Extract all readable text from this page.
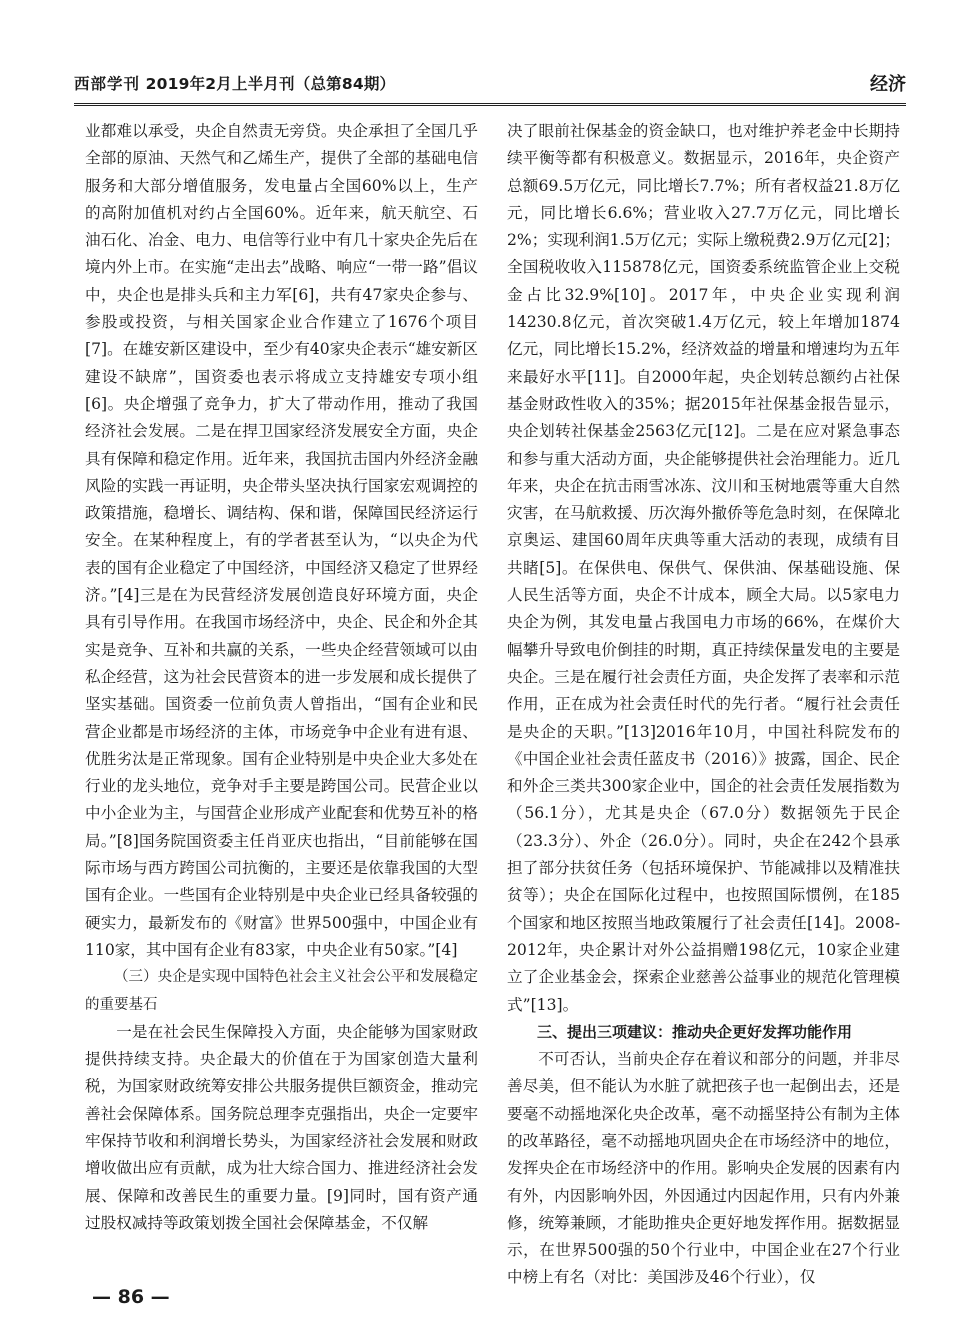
西部学刊 2019年2月上半月刊（总第84期）	经济

业都难以承受，央企自然责无旁贷。央企承担了全国几乎全部的原油、天然气和乙烯生产，提供了全部的基础电信服务和大部分增值服务，发电量占全国60%以上，生产的高附加值机对约占全国60%。近年来，航天航空、石油石化、冶金、电力、电信等行业中有几十家央企先后在境内外上市。在实施“走出去”战略、响应“一带一路”倡议中，央企也是排头兵和主力军[6]，共有47家央企参与、参股或投资，与相关国家企业合作建立了1676个项目[7]。在雄安新区建设中，至少有40家央企表示“雄安新区建设不缺席”，国资委也表示将成立支持雄安专项小组[6]。央企增强了竞争力，扩大了带动作用，推动了我国经济社会发展。二是在捍卫国家经济发展安全方面，央企具有保障和稳定作用。近年来，我国抗击国内外经济金融风险的实践一再证明，央企带头坚决执行国家宏观调控的政策措施，稳增长、调结构、保和谐，保障国民经济运行安全。在某种程度上，有的学者甚至认为，“以央企为代表的国有企业稳定了中国经济，中国经济又稳定了世界经济。”[4]三是在为民营经济发展创造良好环境方面，央企具有引导作用。在我国市场经济中，央企、民企和外企其实是竞争、互补和共赢的关系，一些央企经营领域可以由私企经营，这为社会民营资本的进一步发展和成长提供了坚实基础。国资委一位前负责人曾指出，“国有企业和民营企业都是市场经济的主体，市场竞争中企业有进有退、优胜劣汰是正常现象。国有企业特别是中央企业大多处在行业的龙头地位，竞争对手主要是跨国公司。民营企业以中小企业为主，与国营企业形成产业配套和优势互补的格局。”[8]国务院国资委主任肖亚庆也指出，“目前能够在国际市场与西方跨国公司抗衡的，主要还是依靠我国的大型国有企业。一些国有企业特别是中央企业已经具备较强的硬实力，最新发布的《财富》世界500强中，中国企业有110家，其中国有企业有83家，中央企业有50家。”[4]

（三）央企是实现中国特色社会主义社会公平和发展稳定的重要基石

一是在社会民生保障投入方面，央企能够为国家财政提供持续支持。央企最大的价值在于为国家创造大量利税，为国家财政统筹安排公共服务提供巨额资金，推动完善社会保障体系。国务院总理李克强指出，央企一定要牢牢保持节收和利润增长势头，为国家经济社会发展和财政增收做出应有贡献，成为壮大综合国力、推进经济社会发展、保障和改善民生的重要力量。[9]同时，国有资产通过股权减持等政策划拨全国社会保障基金，不仅解

决了眼前社保基金的资金缺口，也对维护养老金中长期持续平衡等都有积极意义。数据显示，2016年，央企资产总额69.5万亿元，同比增长7.7%；所有者权益21.8万亿元，同比增长6.6%；营业收入27.7万亿元，同比增长2%；实现利润1.5万亿元；实际上缴税费2.9万亿元[2]；全国税收收入115878亿元，国资委系统监管企业上交税金占比32.9%[10]。2017年，中央企业实现利润14230.8亿元，首次突破1.4万亿元，较上年增加1874亿元，同比增长15.2%，经济效益的增量和增速均为五年来最好水平[11]。自2000年起，央企划转总额约占社保基金财政性收入的35%；据2015年社保基金报告显示，央企划转社保基金2563亿元[12]。二是在应对紧急事态和参与重大活动方面，央企能够提供社会治理能力。近几年来，央企在抗击雨雪冰冻、汶川和玉树地震等重大自然灾害，在马航救援、历次海外撤侨等危急时刻，在保障北京奥运、建国60周年庆典等重大活动的表现，成绩有目共睹[5]。在保供电、保供气、保供油、保基础设施、保人民生活等方面，央企不计成本，顾全大局。以5家电力央企为例，其发电量占我国电力市场的66%，在煤价大幅攀升导致电价倒挂的时期，真正持续保量发电的主要是央企。三是在履行社会责任方面，央企发挥了表率和示范作用，正在成为社会责任时代的先行者。“履行社会责任是央企的天职。”[13]2016年10月，中国社科院发布的《中国企业社会责任蓝皮书（2016）》披露，国企、民企和外企三类共300家企业中，国企的社会责任发展指数为（56.1分），尤其是央企（67.0分）数据领先于民企（23.3分）、外企（26.0分）。同时，央企在242个县承担了部分扶贫任务（包括环境保护、节能减排以及精准扶贫等）；央企在国际化过程中，也按照国际惯例，在185个国家和地区按照当地政策履行了社会责任[14]。2008-2012年，央企累计对外公益捐赠198亿元，10家企业建立了企业基金会，探索企业慈善公益事业的规范化管理模式”[13]。

三、提出三项建议：推动央企更好发挥功能作用

不可否认，当前央企存在着议和部分的问题，并非尽善尽美，但不能认为水脏了就把孩子也一起倒出去，还是要毫不动摇地深化央企改革，毫不动摇坚持公有制为主体的改革路径，毫不动摇地巩固央企在市场经济中的地位，发挥央企在市场经济中的作用。影响央企发展的因素有内有外，内因影响外因，外因通过内因起作用，只有内外兼修，统筹兼顾，才能助推央企更好地发挥作用。据数据显示，在世界500强的50个行业中，中国企业在27个行业中榜上有名（对比：美国涉及46个行业），仅

— 86 —
